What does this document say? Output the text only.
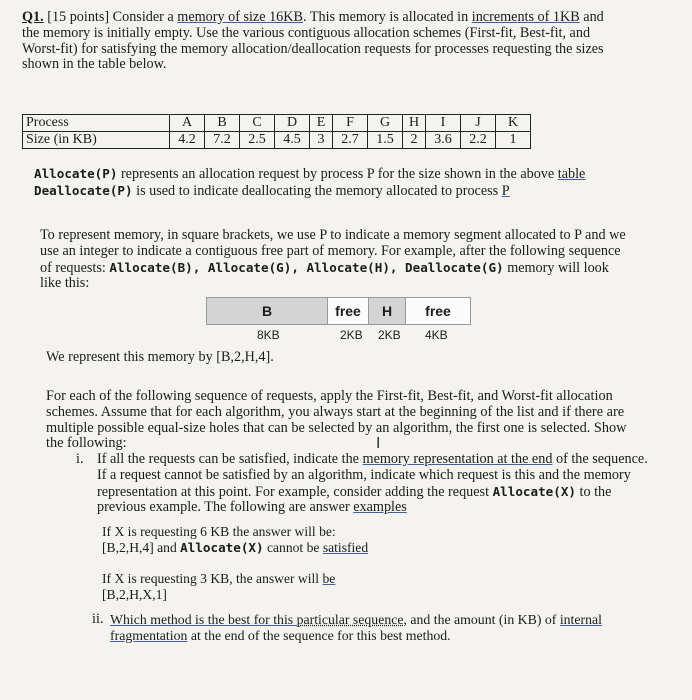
Q1. [15 points] Consider a memory of size 16KB. This memory is allocated in increments of 1KB and
the memory is initially empty. Use the various contiguous allocation schemes (First-fit, Best-fit, and
Worst-fit) for satisfying the memory allocation/deallocation requests for processes requesting the sizes
shown in the table below.
Process	A	B	C	D	E	F	G	H	I	J	K
Size (in KB)	4.2	7.2	2.5	4.5	3	2.7	1.5	2	3.6	2.2	1
Allocate(P) represents an allocation request by process P for the size shown in the above table
Deallocate(P) is used to indicate deallocating the memory allocated to process P
To represent memory, in square brackets, we use P to indicate a memory segment allocated to P and we
use an integer to indicate a contiguous free part of memory. For example, after the following sequence
of requests: Allocate(B), Allocate(G), Allocate(H), Deallocate(G) memory will look
like this:
B	free	H	free
8KB	2KB 2KB 4KB
We represent this memory by [B,2,H,4].
For each of the following sequence of requests, apply the First-fit, Best-fit, and Worst-fit allocation
schemes. Assume that for each algorithm, you always start at the beginning of the list and if there are
multiple possible equal-size holes that can be selected by an algorithm, the first one is selected. Show
the following:	I
i. If all the requests can be satisfied, indicate the memory representation at the end of the sequence.
If a request cannot be satisfied by an algorithm, indicate which request is this and the memory
representation at this point. For example, consider adding the request Allocate(X) to the
previous example. The following are answer examples
If X is requesting 6 KB the answer will be:
[B,2,H,4] and Allocate(X) cannot be satisfied
If X is requesting 3 KB, the answer will be
[B,2,H,X,1]
ii. Which method is the best for this particular sequence, and the amount (in KB) of internal
fragmentation at the end of the sequence for this best method.
